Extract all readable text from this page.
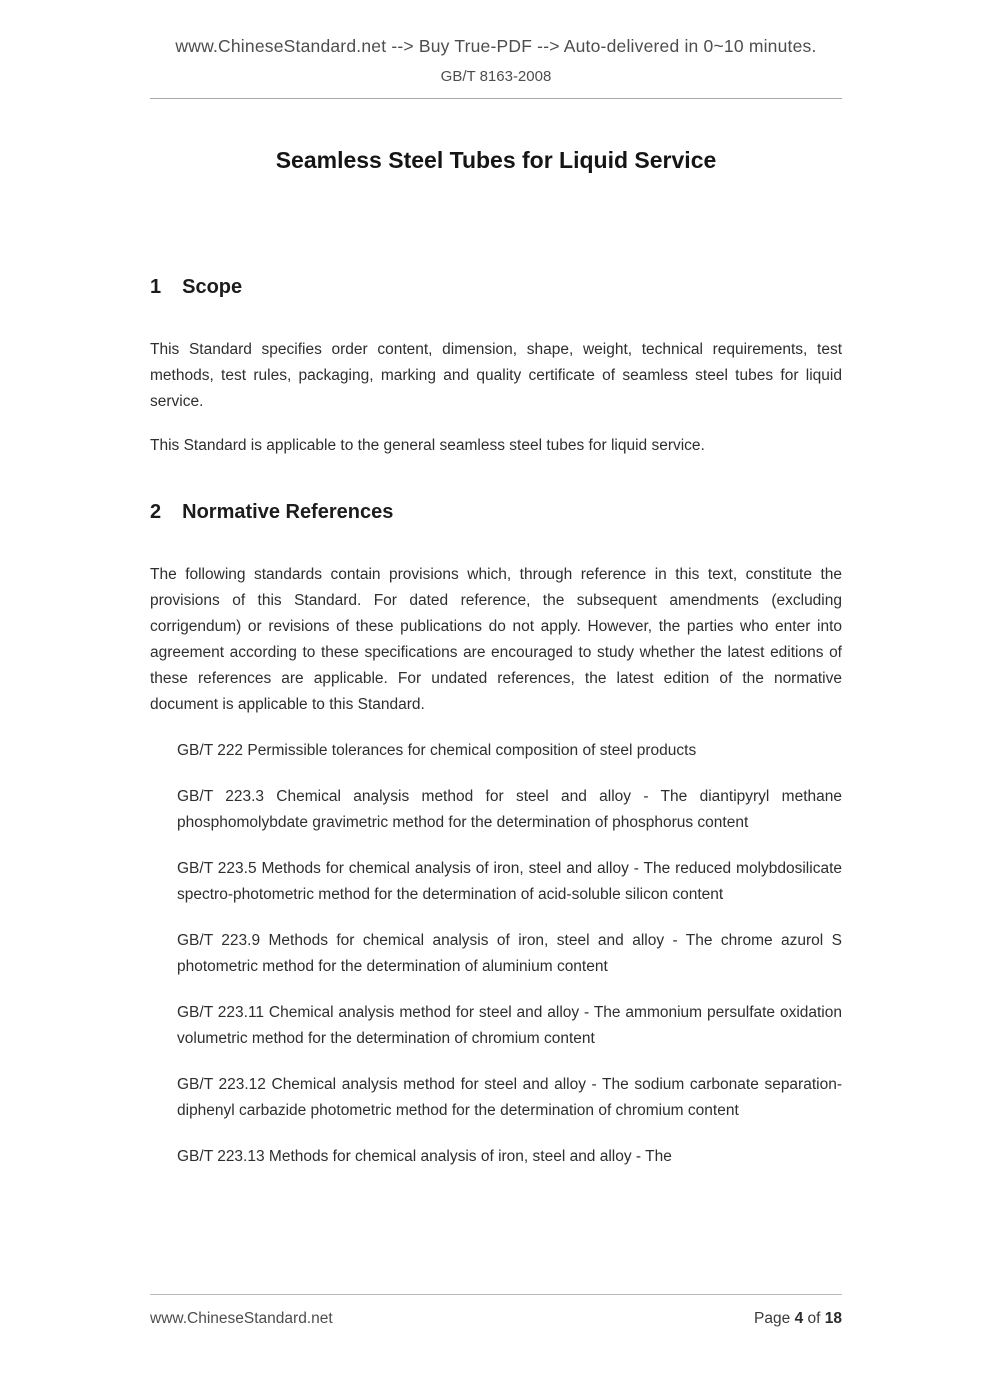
www.ChineseStandard.net --> Buy True-PDF --> Auto-delivered in 0~10 minutes.
GB/T 8163-2008
Seamless Steel Tubes for Liquid Service
1 Scope

This Standard specifies order content, dimension, shape, weight, technical requirements, test methods, test rules, packaging, marking and quality certificate of seamless steel tubes for liquid service.

This Standard is applicable to the general seamless steel tubes for liquid service.

2 Normative References

The following standards contain provisions which, through reference in this text, constitute the provisions of this Standard. For dated reference, the subsequent amendments (excluding corrigendum) or revisions of these publications do not apply. However, the parties who enter into agreement according to these specifications are encouraged to study whether the latest editions of these references are applicable. For undated references, the latest edition of the normative document is applicable to this Standard.

GB/T 222 Permissible tolerances for chemical composition of steel products

GB/T 223.3 Chemical analysis method for steel and alloy - The diantipyryl methane phosphomolybdate gravimetric method for the determination of phosphorus content

GB/T 223.5 Methods for chemical analysis of iron, steel and alloy - The reduced molybdosilicate spectro-photometric method for the determination of acid-soluble silicon content

GB/T 223.9 Methods for chemical analysis of iron, steel and alloy - The chrome azurol S photometric method for the determination of aluminium content

GB/T 223.11 Chemical analysis method for steel and alloy - The ammonium persulfate oxidation volumetric method for the determination of chromium content

GB/T 223.12 Chemical analysis method for steel and alloy - The sodium carbonate separation-diphenyl carbazide photometric method for the determination of chromium content

GB/T 223.13 Methods for chemical analysis of iron, steel and alloy - The

www.ChineseStandard.net	Page 4 of 18
